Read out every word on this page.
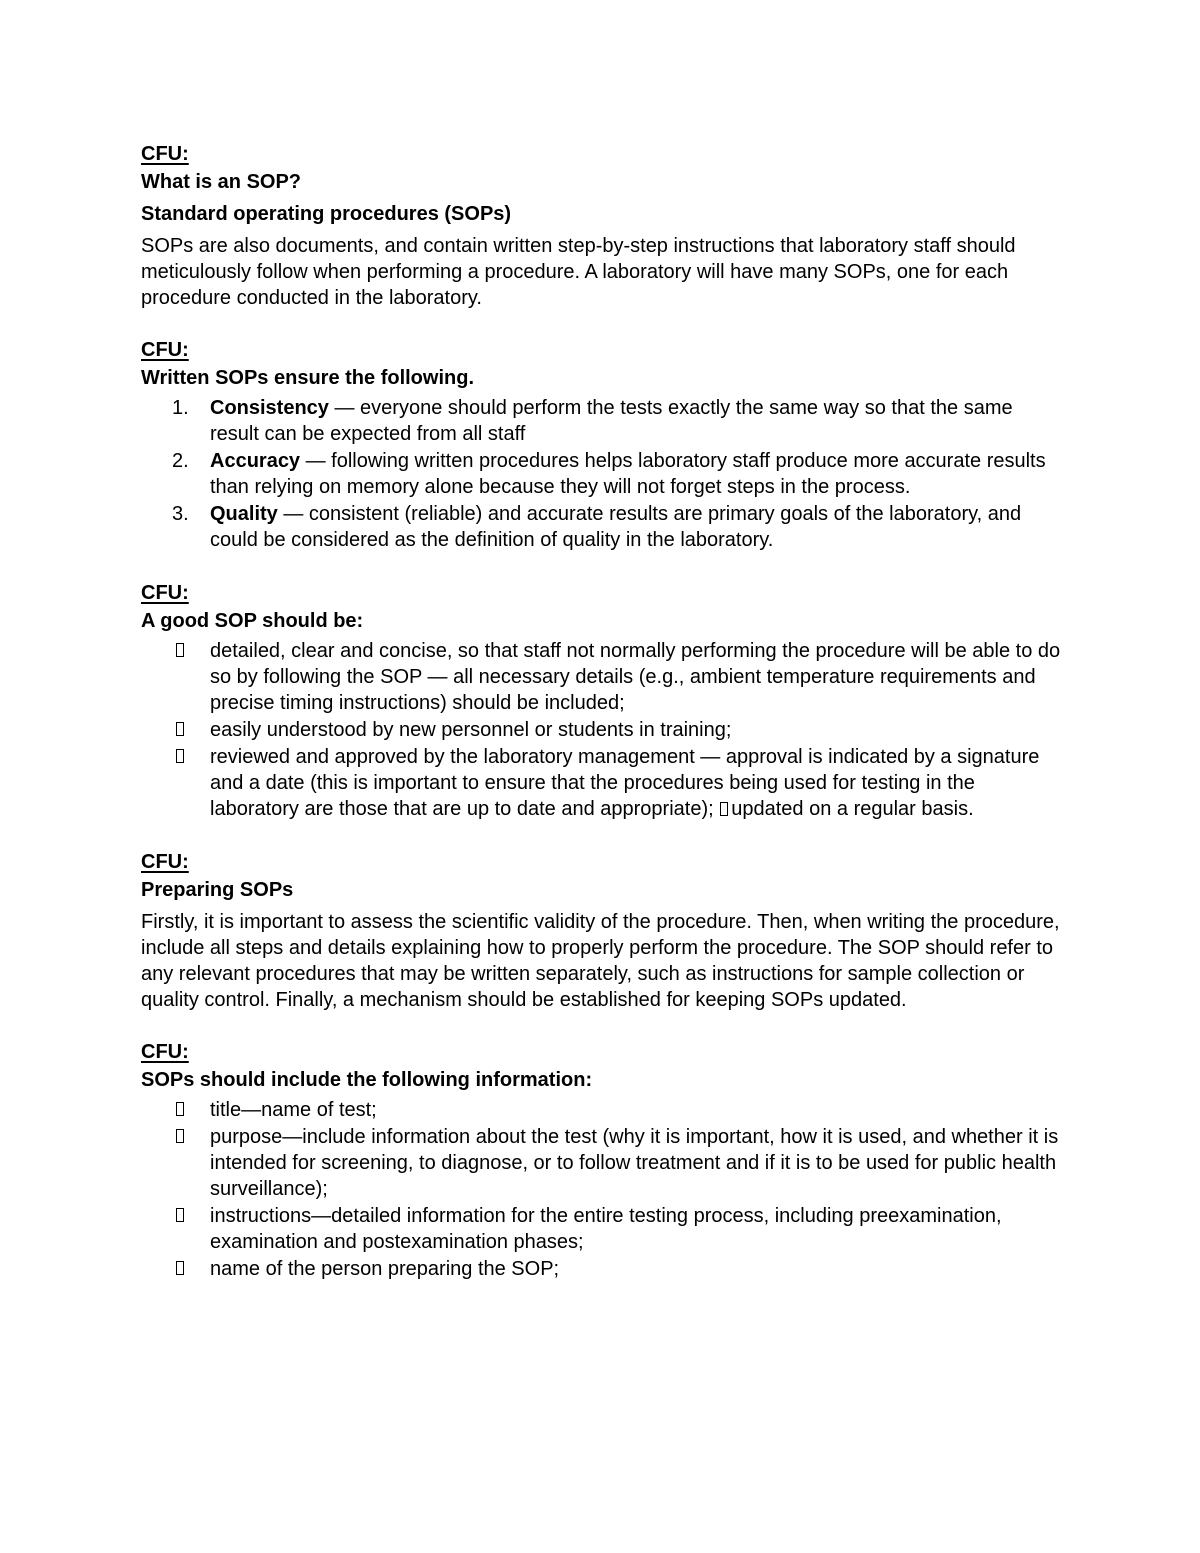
CFU:

What is an SOP?

Standard operating procedures (SOPs)

SOPs are also documents, and contain written step-by-step instructions that laboratory staff should meticulously follow when performing a procedure. A laboratory will have many SOPs, one for each procedure conducted in the laboratory.

CFU:

Written SOPs ensure the following.

1. Consistency — everyone should perform the tests exactly the same way so that the same result can be expected from all staff
2. Accuracy — following written procedures helps laboratory staff produce more accurate results than relying on memory alone because they will not forget steps in the process.
3. Quality — consistent (reliable) and accurate results are primary goals of the laboratory, and could be considered as the definition of quality in the laboratory.

CFU:

A good SOP should be:

detailed, clear and concise, so that staff not normally performing the procedure will be able to do so by following the SOP — all necessary details (e.g., ambient temperature requirements and precise timing instructions) should be included;
easily understood by new personnel or students in training;
reviewed and approved by the laboratory management — approval is indicated by a signature and a date (this is important to ensure that the procedures being used for testing in the laboratory are those that are up to date and appropriate); updated on a regular basis.

CFU:

Preparing SOPs

Firstly, it is important to assess the scientific validity of the procedure. Then, when writing the procedure, include all steps and details explaining how to properly perform the procedure. The SOP should refer to any relevant procedures that may be written separately, such as instructions for sample collection or quality control. Finally, a mechanism should be established for keeping SOPs updated.

CFU:

SOPs should include the following information:

title—name of test;
purpose—include information about the test (why it is important, how it is used, and whether it is intended for screening, to diagnose, or to follow treatment and if it is to be used for public health surveillance);
instructions—detailed information for the entire testing process, including preexamination, examination and postexamination phases;
name of the person preparing the SOP;
